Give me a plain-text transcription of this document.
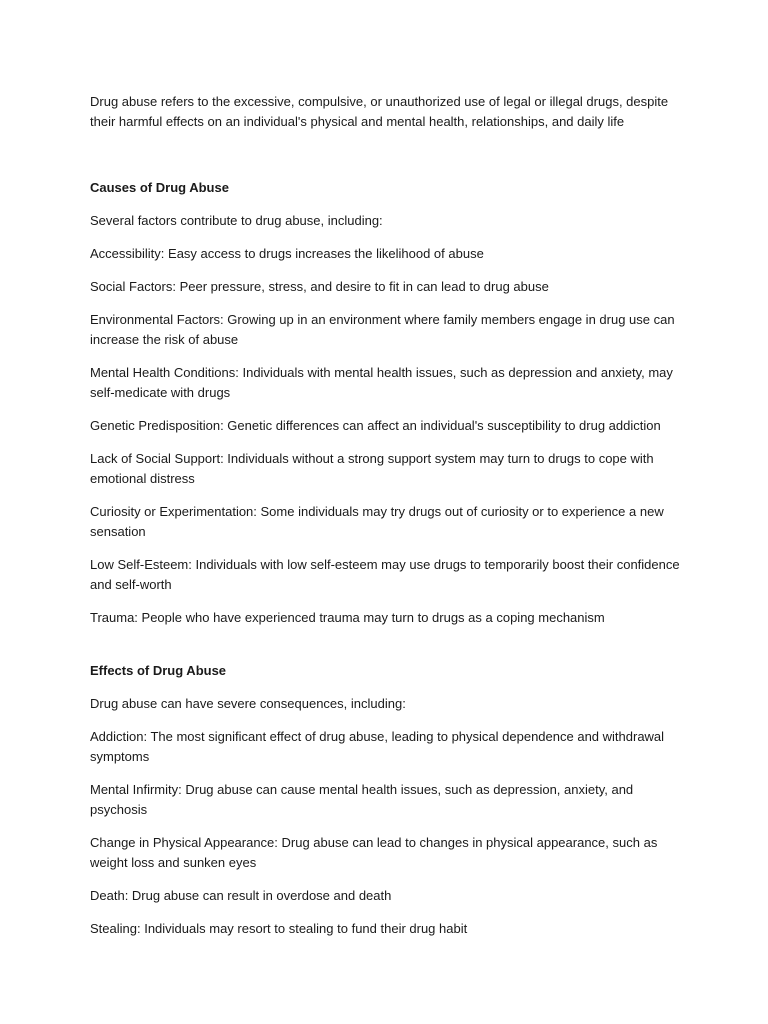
Drug abuse refers to the excessive, compulsive, or unauthorized use of legal or illegal drugs, despite their harmful effects on an individual's physical and mental health, relationships, and daily life

Causes of Drug Abuse

Several factors contribute to drug abuse, including:

Accessibility: Easy access to drugs increases the likelihood of abuse

Social Factors: Peer pressure, stress, and desire to fit in can lead to drug abuse

Environmental Factors: Growing up in an environment where family members engage in drug use can increase the risk of abuse

Mental Health Conditions: Individuals with mental health issues, such as depression and anxiety, may self-medicate with drugs

Genetic Predisposition: Genetic differences can affect an individual's susceptibility to drug addiction

Lack of Social Support: Individuals without a strong support system may turn to drugs to cope with emotional distress

Curiosity or Experimentation: Some individuals may try drugs out of curiosity or to experience a new sensation

Low Self-Esteem: Individuals with low self-esteem may use drugs to temporarily boost their confidence and self-worth

Trauma: People who have experienced trauma may turn to drugs as a coping mechanism

Effects of Drug Abuse

Drug abuse can have severe consequences, including:

Addiction: The most significant effect of drug abuse, leading to physical dependence and withdrawal symptoms

Mental Infirmity: Drug abuse can cause mental health issues, such as depression, anxiety, and psychosis

Change in Physical Appearance: Drug abuse can lead to changes in physical appearance, such as weight loss and sunken eyes

Death: Drug abuse can result in overdose and death

Stealing: Individuals may resort to stealing to fund their drug habit
